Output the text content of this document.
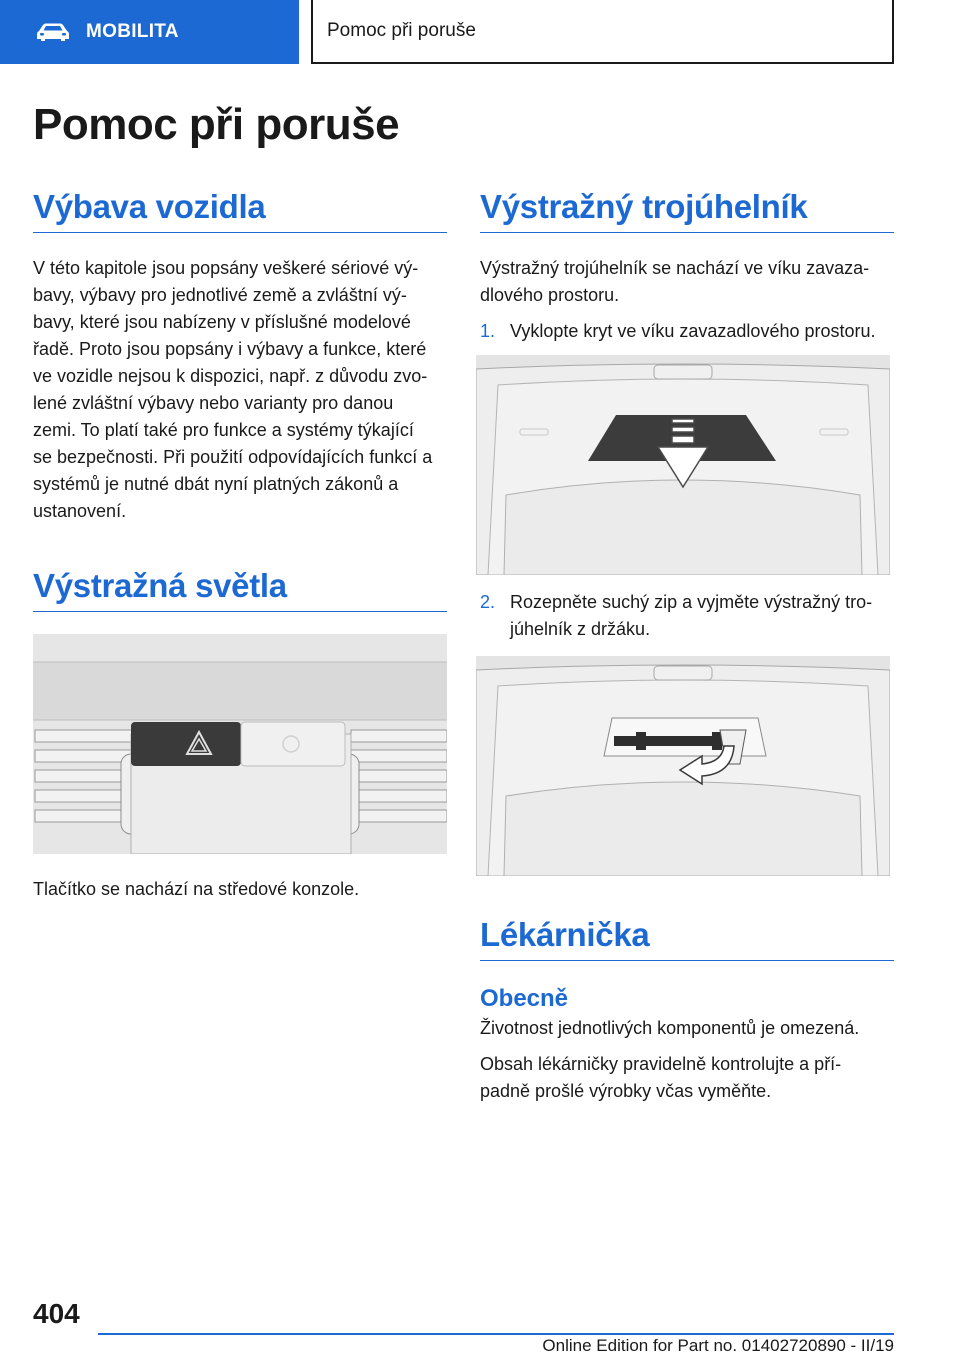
MOBILITA	Pomoc při poruše
Pomoc při poruše
Výbava vozidla

V této kapitole jsou popsány veškeré sériové vý‐

bavy, výbavy pro jednotlivé země a zvláštní vý‐

bavy, které jsou nabízeny v příslušné modelové

řadě. Proto jsou popsány i výbavy a funkce, které

ve vozidle nejsou k dispozici, např. z důvodu zvo‐

lené zvláštní výbavy nebo varianty pro danou

zemi. To platí také pro funkce a systémy týkající

se bezpečnosti. Při použití odpovídajících funkcí a

systémů je nutné dbát nyní platných zákonů a

ustanovení.

Výstražná světla

Tlačítko se nachází na středové konzole.

Výstražný trojúhelník

Výstražný trojúhelník se nachází ve víku zavaza‐

dlového prostoru.

1. Vyklopte kryt ve víku zavazadlového prostoru.
2. Rozepněte suchý zip a vyjměte výstražný tro‐
júhelník z držáku.
Lékárnička
Obecně

Životnost jednotlivých komponentů je omezená.

Obsah lékárničky pravidelně kontrolujte a pří‐

padně prošlé výrobky včas vyměňte.

404
Online Edition for Part no. 01402720890 - II/19
